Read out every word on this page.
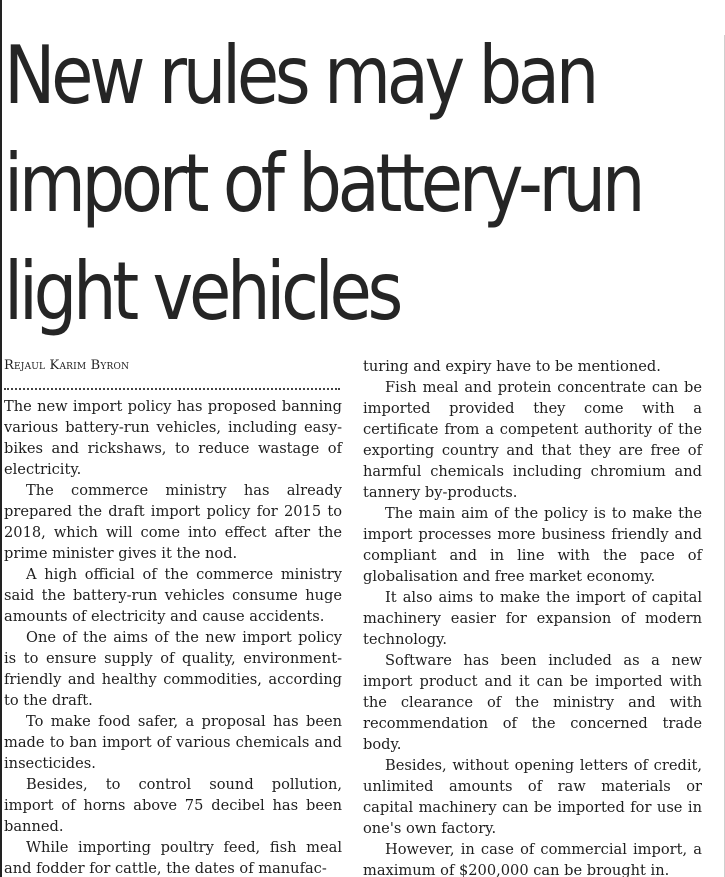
New rules may ban
import of battery-run
light vehicles

Rejaul Karim Byron

The new import policy has proposed banning various battery-run vehicles, including easy-bikes and rickshaws, to reduce wastage of electricity.

The commerce ministry has already prepared the draft import policy for 2015 to 2018, which will come into effect after the prime minister gives it the nod.

A high official of the commerce ministry said the battery-run vehicles consume huge amounts of electricity and cause accidents.

One of the aims of the new import policy is to ensure supply of quality, environment-friendly and healthy commodities, according to the draft.

To make food safer, a proposal has been made to ban import of various chemicals and insecticides.

Besides, to control sound pollution, import of horns above 75 decibel has been banned.

While importing poultry feed, fish meal and fodder for cattle, the dates of manufac-

turing and expiry have to be mentioned.

Fish meal and protein concentrate can be imported provided they come with a certificate from a competent authority of the exporting country and that they are free of harmful chemicals including chromium and tannery by-products.

The main aim of the policy is to make the import processes more business friendly and compliant and in line with the pace of globalisation and free market economy.

It also aims to make the import of capital machinery easier for expansion of modern technology.

Software has been included as a new import product and it can be imported with the clearance of the ministry and with recommendation of the concerned trade body.

Besides, without opening letters of credit, unlimited amounts of raw materials or capital machinery can be imported for use in one's own factory.

However, in case of commercial import, a maximum of $200,000 can be brought in.
